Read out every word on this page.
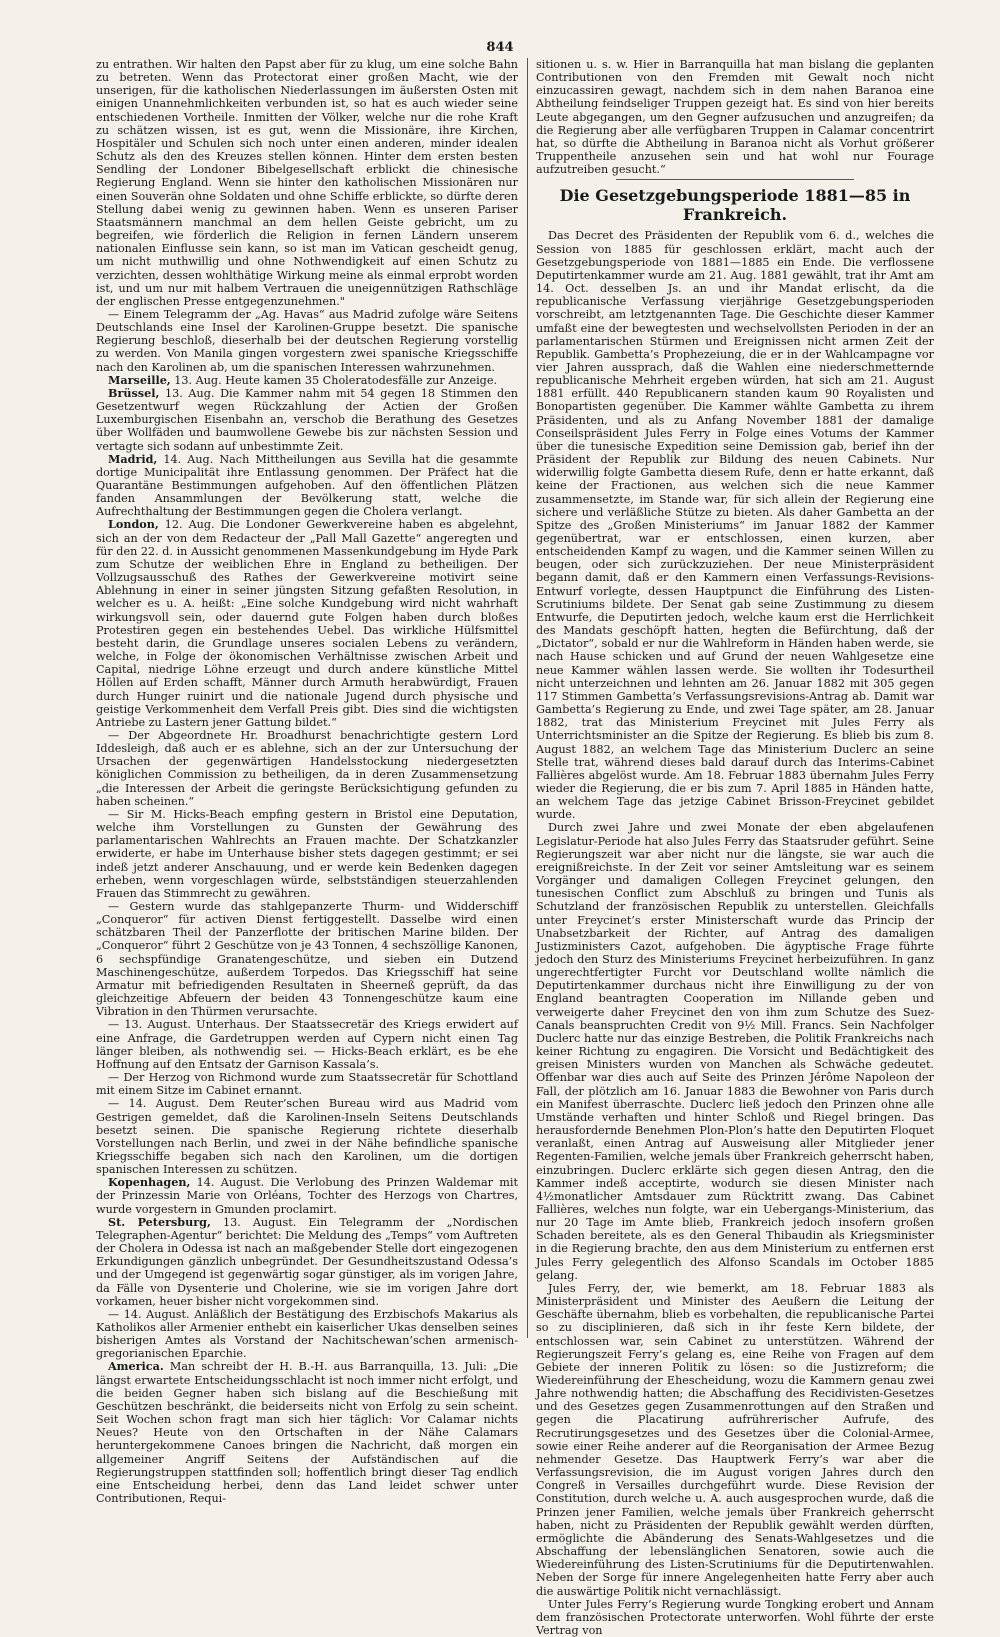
844

zu entrathen. Wir halten den Papst aber für zu klug, um eine solche Bahn zu betreten. Wenn das Protectorat einer großen Macht, wie der unserigen, für die katholischen Niederlassungen im äußersten Osten mit einigen Unannehmlichkeiten verbunden ist, so hat es auch wieder seine entschiedenen Vortheile. Inmitten der Völker, welche nur die rohe Kraft zu schätzen wissen, ist es gut, wenn die Missionäre, ihre Kirchen, Hospitäler und Schulen sich noch unter einen anderen, minder idealen Schutz als den des Kreuzes stellen können. Hinter dem ersten besten Sendling der Londoner Bibelgesellschaft erblickt die chinesische Regierung England. Wenn sie hinter den katholischen Missionären nur einen Souverän ohne Soldaten und ohne Schiffe erblickte, so dürfte deren Stellung dabei wenig zu gewinnen haben. Wenn es unseren Pariser Staatsmännern manchmal an dem hellen Geiste gebricht, um zu begreifen, wie förderlich die Religion in fernen Ländern unserem nationalen Einflusse sein kann, so ist man im Vatican gescheidt genug, um nicht muthwillig und ohne Nothwendigkeit auf einen Schutz zu verzichten, dessen wohlthätige Wirkung meine als einmal erprobt worden ist, und um nur mit halbem Vertrauen die uneigennützigen Rathschläge der englischen Presse entgegenzunehmen."

— Einem Telegramm der „Ag. Havas“ aus Madrid zufolge wäre Seitens Deutschlands eine Insel der Karolinen-Gruppe besetzt. Die spanische Regierung beschloß, dieserhalb bei der deutschen Regierung vorstellig zu werden. Von Manila gingen vorgestern zwei spanische Kriegsschiffe nach den Karolinen ab, um die spanischen Interessen wahrzunehmen.

Marseille, 13. Aug. Heute kamen 35 Choleratodesfälle zur Anzeige.

Brüssel, 13. Aug. Die Kammer nahm mit 54 gegen 18 Stimmen den Gesetzentwurf wegen Rückzahlung der Actien der Großen Luxemburgischen Eisenbahn an, verschob die Berathung des Gesetzes über Wollfäden und baumwollene Gewebe bis zur nächsten Session und vertagte sich sodann auf unbestimmte Zeit.

Madrid, 14. Aug. Nach Mittheilungen aus Sevilla hat die gesammte dortige Municipalität ihre Entlassung genommen. Der Präfect hat die Quarantäne Bestimmungen aufgehoben. Auf den öffentlichen Plätzen fanden Ansammlungen der Bevölkerung statt, welche die Aufrechthaltung der Bestimmungen gegen die Cholera verlangt.

London, 12. Aug. Die Londoner Gewerkvereine haben es abgelehnt, sich an der von dem Redacteur der „Pall Mall Gazette“ angeregten und für den 22. d. in Aussicht genommenen Massenkundgebung im Hyde Park zum Schutze der weiblichen Ehre in England zu betheiligen. Der Vollzugsausschuß des Rathes der Gewerkvereine motivirt seine Ablehnung in einer in seiner jüngsten Sitzung gefaßten Resolution, in welcher es u. A. heißt: „Eine solche Kundgebung wird nicht wahrhaft wirkungsvoll sein, oder dauernd gute Folgen haben durch bloßes Protestiren gegen ein bestehendes Uebel. Das wirkliche Hülfsmittel besteht darin, die Grundlage unseres socialen Lebens zu verändern, welche, in Folge der ökonomischen Verhältnisse zwischen Arbeit und Capital, niedrige Löhne erzeugt und durch andere künstliche Mittel Höllen auf Erden schafft, Männer durch Armuth herabwürdigt, Frauen durch Hunger ruinirt und die nationale Jugend durch physische und geistige Verkommenheit dem Verfall Preis gibt. Dies sind die wichtigsten Antriebe zu Lastern jener Gattung bildet.“

— Der Abgeordnete Hr. Broadhurst benachrichtigte gestern Lord Iddesleigh, daß auch er es ablehne, sich an der zur Untersuchung der Ursachen der gegenwärtigen Handelsstockung niedergesetzten königlichen Commission zu betheiligen, da in deren Zusammensetzung „die Interessen der Arbeit die geringste Berücksichtigung gefunden zu haben scheinen.“

— Sir M. Hicks-Beach empfing gestern in Bristol eine Deputation, welche ihm Vorstellungen zu Gunsten der Gewährung des parlamentarischen Wahlrechts an Frauen machte. Der Schatzkanzler erwiderte, er habe im Unterhause bisher stets dagegen gestimmt; er sei indeß jetzt anderer Anschauung, und er werde kein Bedenken dagegen erheben, wenn vorgeschlagen würde, selbstständigen steuerzahlenden Frauen das Stimmrecht zu gewähren.

— Gestern wurde das stahlgepanzerte Thurm- und Widderschiff „Conqueror“ für activen Dienst fertiggestellt. Dasselbe wird einen schätzbaren Theil der Panzerflotte der britischen Marine bilden. Der „Conqueror“ führt 2 Geschütze von je 43 Tonnen, 4 sechszöllige Kanonen, 6 sechspfündige Granatengeschütze, und sieben ein Dutzend Maschinengeschütze, außerdem Torpedos. Das Kriegsschiff hat seine Armatur mit befriedigenden Resultaten in Sheerneß geprüft, da das gleichzeitige Abfeuern der beiden 43 Tonnengeschütze kaum eine Vibration in den Thürmen verursachte.

— 13. August. Unterhaus. Der Staatssecretär des Kriegs erwidert auf eine Anfrage, die Gardetruppen werden auf Cypern nicht einen Tag länger bleiben, als nothwendig sei. — Hicks-Beach erklärt, es be ehe Hoffnung auf den Entsatz der Garnison Kassala’s.

— Der Herzog von Richmond wurde zum Staatssecretär für Schottland mit einem Sitze im Cabinet ernannt.

— 14. August. Dem Reuter’schen Bureau wird aus Madrid vom Gestrigen gemeldet, daß die Karolinen-Inseln Seitens Deutschlands besetzt seinen. Die spanische Regierung richtete dieserhalb Vorstellungen nach Berlin, und zwei in der Nähe befindliche spanische Kriegsschiffe begaben sich nach den Karolinen, um die dortigen spanischen Interessen zu schützen.

Kopenhagen, 14. August. Die Verlobung des Prinzen Waldemar mit der Prinzessin Marie von Orléans, Tochter des Herzogs von Chartres, wurde vorgestern in Gmunden proclamirt.

St. Petersburg, 13. August. Ein Telegramm der „Nordischen Telegraphen-Agentur“ berichtet: Die Meldung des „Temps“ vom Auftreten der Cholera in Odessa ist nach an maßgebender Stelle dort eingezogenen Erkundigungen gänzlich unbegründet. Der Gesundheitszustand Odessa’s und der Umgegend ist gegenwärtig sogar günstiger, als im vorigen Jahre, da Fälle von Dysenterie und Cholerine, wie sie im vorigen Jahre dort vorkamen, heuer bisher nicht vorgekommen sind.

— 14. August. Anläßlich der Bestätigung des Erzbischofs Makarius als Katholikos aller Armenier enthebt ein kaiserlicher Ukas denselben seines bisherigen Amtes als Vorstand der Nachitschewan’schen armenisch-gregorianischen Eparchie.

America. Man schreibt der H. B.-H. aus Barranquilla, 13. Juli: „Die längst erwartete Entscheidungsschlacht ist noch immer nicht erfolgt, und die beiden Gegner haben sich bislang auf die Beschießung mit Geschützen beschränkt, die beiderseits nicht von Erfolg zu sein scheint. Seit Wochen schon fragt man sich hier täglich: Vor Calamar nichts Neues? Heute von den Ortschaften in der Nähe Calamars heruntergekommene Canoes bringen die Nachricht, daß morgen ein allgemeiner Angriff Seitens der Aufständischen auf die Regierungstruppen stattfinden soll; hoffentlich bringt dieser Tag endlich eine Entscheidung herbei, denn das Land leidet schwer unter Contributionen, Requi-

sitionen u. s. w. Hier in Barranquilla hat man bislang die geplanten Contributionen von den Fremden mit Gewalt noch nicht einzucassiren gewagt, nachdem sich in dem nahen Baranoa eine Abtheilung feindseliger Truppen gezeigt hat. Es sind von hier bereits Leute abgegangen, um den Gegner aufzusuchen und anzugreifen; da die Regierung aber alle verfügbaren Truppen in Calamar concentrirt hat, so dürfte die Abtheilung in Baranoa nicht als Vorhut größerer Truppentheile anzusehen sein und hat wohl nur Fourage aufzutreiben gesucht.“

Die Gesetzgebungsperiode 1881—85 in Frankreich.

Das Decret des Präsidenten der Republik vom 6. d., welches die Session von 1885 für geschlossen erklärt, macht auch der Gesetzgebungsperiode von 1881—1885 ein Ende. Die verflossene Deputirtenkammer wurde am 21. Aug. 1881 gewählt, trat ihr Amt am 14. Oct. desselben Js. an und ihr Mandat erlischt, da die republicanische Verfassung vierjährige Gesetzgebungsperioden vorschreibt, am letztgenannten Tage. Die Geschichte dieser Kammer umfaßt eine der bewegtesten und wechselvollsten Perioden in der an parlamentarischen Stürmen und Ereignissen nicht armen Zeit der Republik. Gambetta’s Prophezeiung, die er in der Wahlcampagne vor vier Jahren aussprach, daß die Wahlen eine niederschmetternde republicanische Mehrheit ergeben würden, hat sich am 21. August 1881 erfüllt. 440 Republicanern standen kaum 90 Royalisten und Bonopartisten gegenüber. Die Kammer wählte Gambetta zu ihrem Präsidenten, und als zu Anfang November 1881 der damalige Conseilspräsident Jules Ferry in Folge eines Votums der Kammer über die tunesische Expedition seine Demission gab, berief ihn der Präsident der Republik zur Bildung des neuen Cabinets. Nur widerwillig folgte Gambetta diesem Rufe, denn er hatte erkannt, daß keine der Fractionen, aus welchen sich die neue Kammer zusammensetzte, im Stande war, für sich allein der Regierung eine sichere und verläßliche Stütze zu bieten. Als daher Gambetta an der Spitze des „Großen Ministeriums“ im Januar 1882 der Kammer gegenübertrat, war er entschlossen, einen kurzen, aber entscheidenden Kampf zu wagen, und die Kammer seinen Willen zu beugen, oder sich zurückzuziehen. Der neue Ministerpräsident begann damit, daß er den Kammern einen Verfassungs-Revisions-Entwurf vorlegte, dessen Hauptpunct die Einführung des Listen-Scrutiniums bildete. Der Senat gab seine Zustimmung zu diesem Entwurfe, die Deputirten jedoch, welche kaum erst die Herrlichkeit des Mandats geschöpft hatten, hegten die Befürchtung, daß der „Dictator“, sobald er nur die Wahlreform in Händen haben werde, sie nach Hause schicken und auf Grund der neuen Wahlgesetze eine neue Kammer wählen lassen werde. Sie wollten ihr Todesurtheil nicht unterzeichnen und lehnten am 26. Januar 1882 mit 305 gegen 117 Stimmen Gambetta’s Verfassungsrevisions-Antrag ab. Damit war Gambetta’s Regierung zu Ende, und zwei Tage später, am 28. Januar 1882, trat das Ministerium Freycinet mit Jules Ferry als Unterrichtsminister an die Spitze der Regierung. Es blieb bis zum 8. August 1882, an welchem Tage das Ministerium Duclerc an seine Stelle trat, während dieses bald darauf durch das Interims-Cabinet Fallières abgelöst wurde. Am 18. Februar 1883 übernahm Jules Ferry wieder die Regierung, die er bis zum 7. April 1885 in Händen hatte, an welchem Tage das jetzige Cabinet Brisson-Freycinet gebildet wurde.

Durch zwei Jahre und zwei Monate der eben abgelaufenen Legislatur-Periode hat also Jules Ferry das Staatsruder geführt. Seine Regierungszeit war aber nicht nur die längste, sie war auch die ereignißreichste. In der Zeit vor seiner Amtsleitung war es seinem Vorgänger und damaligen Collegen Freycinet gelungen, den tunesischen Conflict zum Abschluß zu bringen und Tunis als Schutzland der französischen Republik zu unterstellen. Gleichfalls unter Freycinet’s erster Ministerschaft wurde das Princip der Unabsetzbarkeit der Richter, auf Antrag des damaligen Justizministers Cazot, aufgehoben. Die ägyptische Frage führte jedoch den Sturz des Ministeriums Freycinet herbeizuführen. In ganz ungerechtfertigter Furcht vor Deutschland wollte nämlich die Deputirtenkammer durchaus nicht ihre Einwilligung zu der von England beantragten Cooperation im Nillande geben und verweigerte daher Freycinet den von ihm zum Schutze des Suez-Canals beanspruchten Credit von 9½ Mill. Francs. Sein Nachfolger Duclerc hatte nur das einzige Bestreben, die Politik Frankreichs nach keiner Richtung zu engagiren. Die Vorsicht und Bedächtigkeit des greisen Ministers wurden von Manchen als Schwäche gedeutet. Offenbar war dies auch auf Seite des Prinzen Jérôme Napoleon der Fall, der plötzlich am 16. Januar 1883 die Bewohner von Paris durch ein Manifest überraschte. Duclerc ließ jedoch den Prinzen ohne alle Umstände verhaften und hinter Schloß und Riegel bringen. Das herausfordernde Benehmen Plon-Plon’s hatte den Deputirten Floquet veranlaßt, einen Antrag auf Ausweisung aller Mitglieder jener Regenten-Familien, welche jemals über Frankreich geherrscht haben, einzubringen. Duclerc erklärte sich gegen diesen Antrag, den die Kammer indeß acceptirte, wodurch sie diesen Minister nach 4½monatlicher Amtsdauer zum Rücktritt zwang. Das Cabinet Fallières, welches nun folgte, war ein Uebergangs-Ministerium, das nur 20 Tage im Amte blieb, Frankreich jedoch insofern großen Schaden bereitete, als es den General Thibaudin als Kriegsminister in die Regierung brachte, den aus dem Ministerium zu entfernen erst Jules Ferry gelegentlich des Alfonso Scandals im October 1885 gelang.

Jules Ferry, der, wie bemerkt, am 18. Februar 1883 als Ministerpräsident und Minister des Aeußern die Leitung der Geschäfte übernahm, blieb es vorbehalten, die republicanische Partei so zu disciplinieren, daß sich in ihr feste Kern bildete, der entschlossen war, sein Cabinet zu unterstützen. Während der Regierungszeit Ferry’s gelang es, eine Reihe von Fragen auf dem Gebiete der inneren Politik zu lösen: so die Justizreform; die Wiedereinführung der Ehescheidung, wozu die Kammern genau zwei Jahre nothwendig hatten; die Abschaffung des Recidivisten-Gesetzes und des Gesetzes gegen Zusammenrottungen auf den Straßen und gegen die Placatirung aufrührerischer Aufrufe, des Recrutirungsgesetzes und des Gesetzes über die Colonial-Armee, sowie einer Reihe anderer auf die Reorganisation der Armee Bezug nehmender Gesetze. Das Hauptwerk Ferry’s war aber die Verfassungsrevision, die im August vorigen Jahres durch den Congreß in Versailles durchgeführt wurde. Diese Revision der Constitution, durch welche u. A. auch ausgesprochen wurde, daß die Prinzen jener Familien, welche jemals über Frankreich geherrscht haben, nicht zu Präsidenten der Republik gewählt werden dürften, ermöglichte die Abänderung des Senats-Wahlgesetzes und die Abschaffung der lebenslänglichen Senatoren, sowie auch die Wiedereinführung des Listen-Scrutiniums für die Deputirtenwahlen. Neben der Sorge für innere Angelegenheiten hatte Ferry aber auch die auswärtige Politik nicht vernachlässigt.

Unter Jules Ferry’s Regierung wurde Tongking erobert und Annam dem französischen Protectorate unterworfen. Wohl führte der erste Vertrag von
